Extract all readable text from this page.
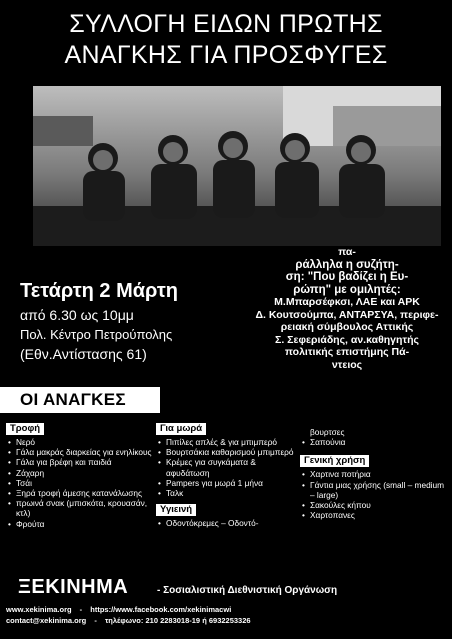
ΣΥΛΛΟΓΗ ΕΙΔΩΝ ΠΡΩΤΗΣ
ΑΝΑΓΚΗΣ ΓΙΑ ΠΡΟΣΦΥΓΕΣ
Τετάρτη 2 Μάρτη
από 6.30 ως 10μμ
Πολ. Κέντρο Πετρούπολης
(Εθν.Αντίστασης 61)
πα-
ράλληλα η συζήτη-
ση: "Που βαδίζει η Ευ-
ρώπη" με ομιλητές:
Μ.Μπαρσέφκσι, ΛΑΕ και ΑΡΚ
Δ. Κουτσούμπα, ΑΝΤΑΡΣΥΑ, περιφε-
ρειακή σύμβουλος Αττικής
Σ. Σεφεριάδης, αν.καθηγητής
πολιτικής επιστήμης Πά-
ντειος
ΟΙ ΑΝΑΓΚΕΣ
Τροφή
• Νερό
• Γάλα μακράς διαρκείας για ενηλίκους
• Γάλα για βρέφη και παιδιά
• Ζάχαρη
• Τσάι
• Ξηρά τροφή άμεσης κατανάλωσης
• πρωινά σνακ (μπισκότα, κρουασάν, κτλ)
• Φρούτα
Για μωρά
• Πιπίλες απλές & για μπιμπερό
• Βουρτσάκια καθαρισμού μπιμπερό
• Κρέμες για συγκάματα & αφυδάτωση
• Pampers για μωρά 1 μήνα
• Ταλκ
Υγιεινή
• Οδοντόκρεμες – Οδοντό-
βουρτσες
• Σαπούνια
Γενική χρήση
• Χαρτινα ποτήρια
• Γάντια μιας χρήσης (small – medium – large)
• Σακούλες κήπου
• Χαρτοπανες
ΞΕΚΙΝΗΜΑ	- Σοσιαλιστική Διεθνιστική Οργάνωση
www.xekinima.org - https://www.facebook.com/xekinimacwi
contact@xekinima.org - τηλέφωνο: 210 2283018-19 ή 6932253326
